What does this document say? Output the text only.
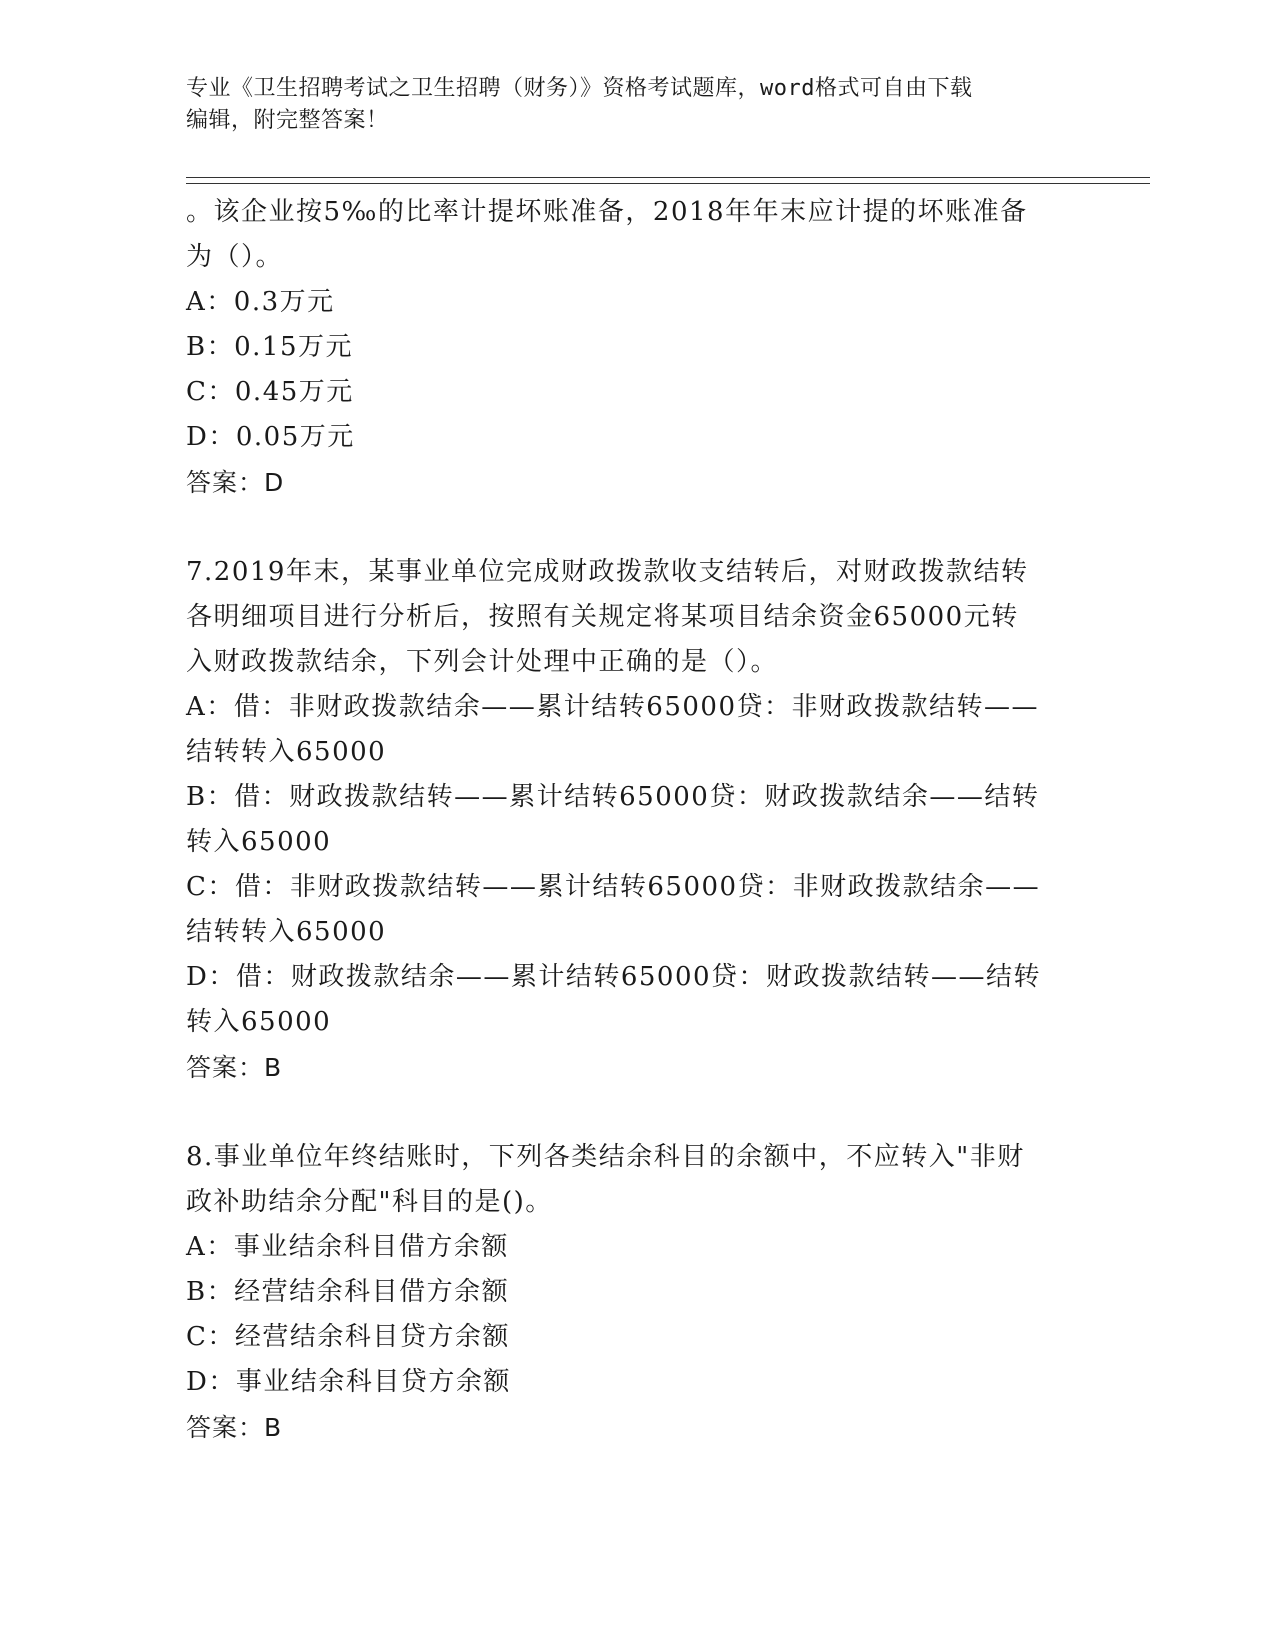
专业《卫生招聘考试之卫生招聘（财务）》资格考试题库，word格式可自由下载
编辑，附完整答案！
。该企业按5‰的比率计提坏账准备，2018年年末应计提的坏账准备
为（）。
A：0.3万元
B：0.15万元
C：0.45万元
D：0.05万元
答案：D
7.2019年末，某事业单位完成财政拨款收支结转后，对财政拨款结转
各明细项目进行分析后，按照有关规定将某项目结余资金65000元转
入财政拨款结余，下列会计处理中正确的是（）。
A：借：非财政拨款结余——累计结转65000贷：非财政拨款结转——
结转转入65000
B：借：财政拨款结转——累计结转65000贷：财政拨款结余——结转
转入65000
C：借：非财政拨款结转——累计结转65000贷：非财政拨款结余——
结转转入65000
D：借：财政拨款结余——累计结转65000贷：财政拨款结转——结转
转入65000
答案：B
8.事业单位年终结账时，下列各类结余科目的余额中，不应转入"非财
政补助结余分配"科目的是()。
A：事业结余科目借方余额
B：经营结余科目借方余额
C：经营结余科目贷方余额
D：事业结余科目贷方余额
答案：B
